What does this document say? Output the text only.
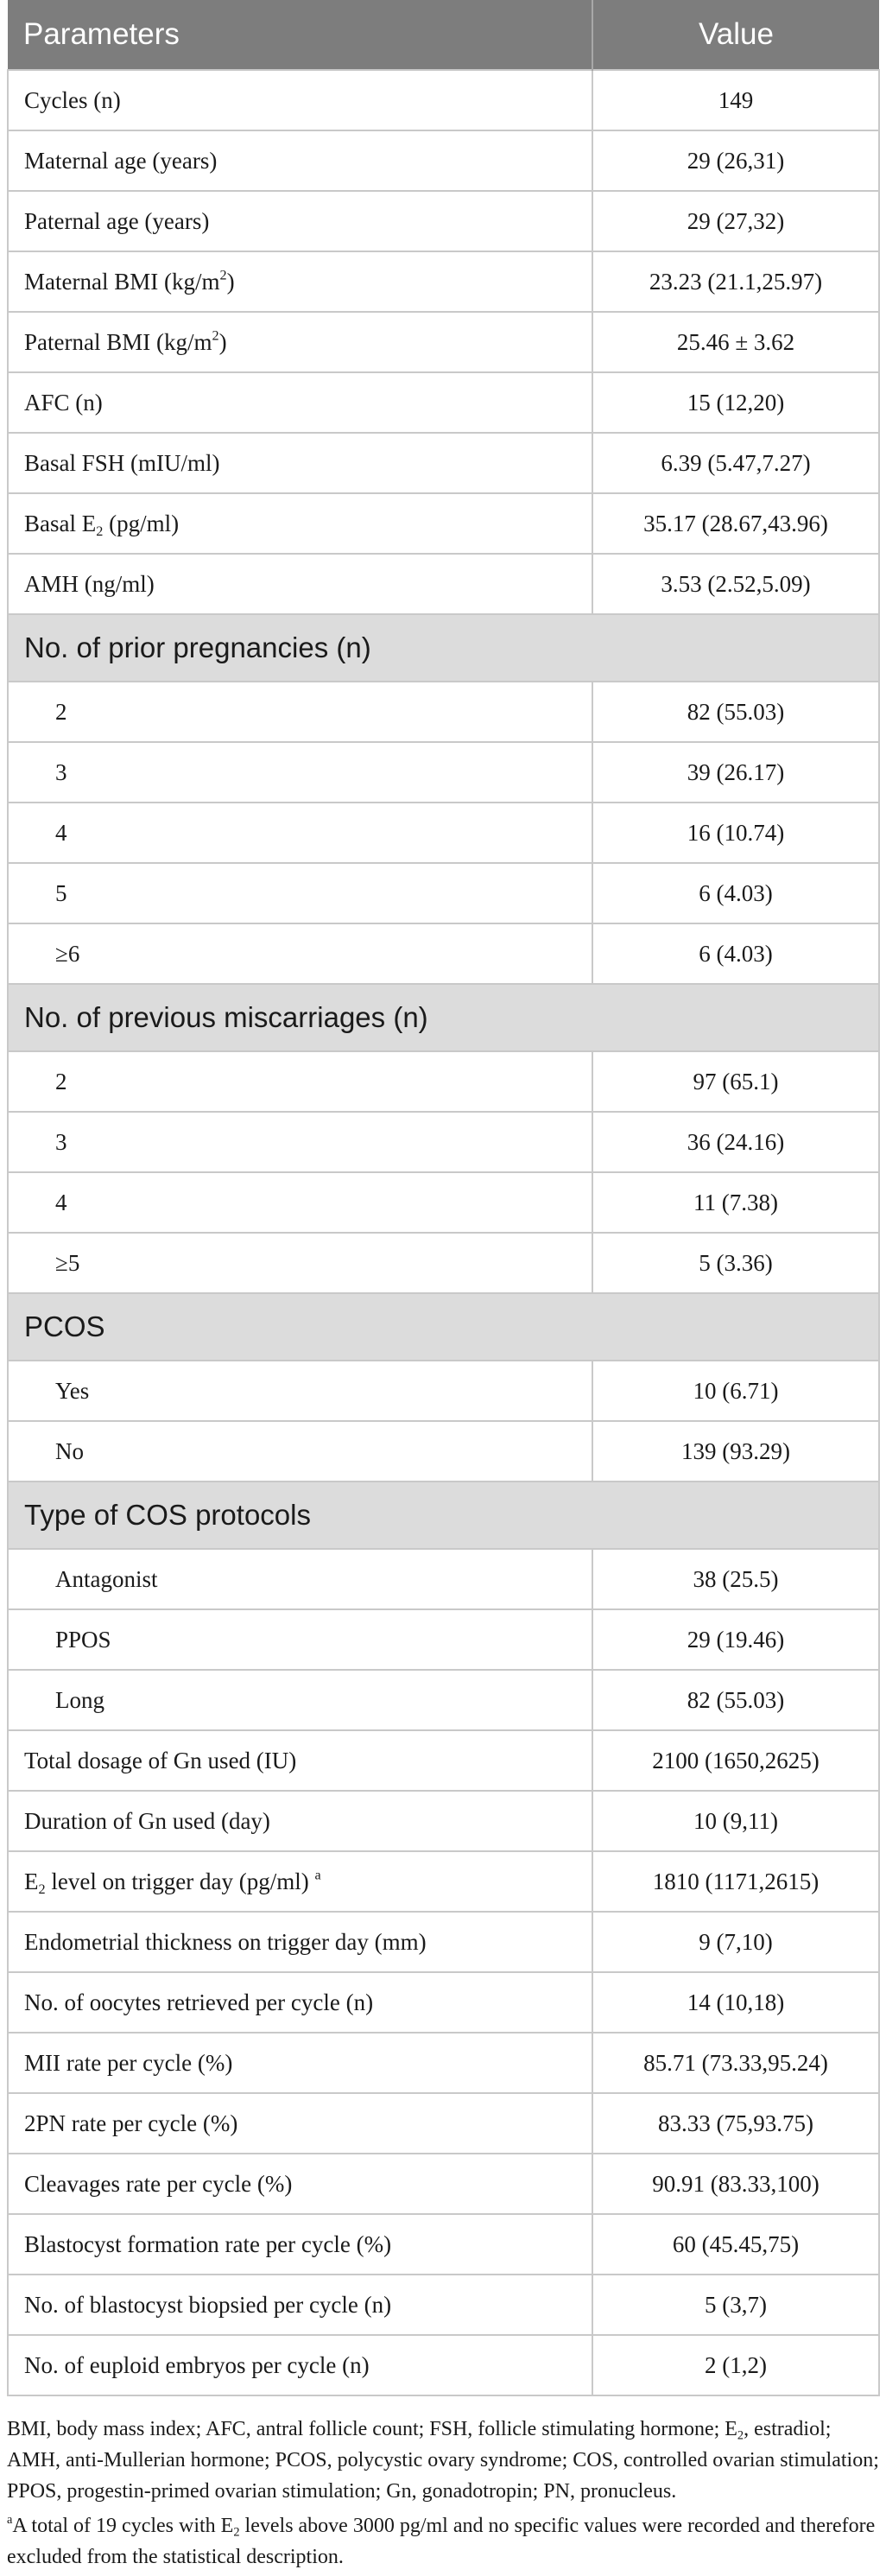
Parameters	Value
Cycles (n)	149
Maternal age (years)	29 (26,31)
Paternal age (years)	29 (27,32)
Maternal BMI $(kg/m^2)$	23.23 (21.1,25.97)
Paternal BMI $(kg/m^2)$	25.46 ± 3.62
AFC (n)	15 (12,20)
Basal FSH (mIU/ml)	6.39 (5.47,7.27)
Basal $E_2$ (pg/ml)	35.17 (28.67,43.96)
AMH (ng/ml)	3.53 (2.52,5.09)
No. of prior pregnancies (n)	
2	82 (55.03)
3	39 (26.17)
4	16 (10.74)
5	6 (4.03)
≥6	6 (4.03)
No. of previous miscarriages (n)	
2	97 (65.1)
3	36 (24.16)
4	11 (7.38)
≥5	5 (3.36)
PCOS	
Yes	10 (6.71)
No	139 (93.29)
Type of COS protocols	
Antagonist	38 (25.5)
PPOS	29 (19.46)
Long	82 (55.03)
Total dosage of Gn used (IU)	2100 (1650,2625)
Duration of Gn used (day)	10 (9,11)
$E_2$ level on trigger day (pg/ml) $^a$	1810 (1171,2615)
Endometrial thickness on trigger day (mm)	9 (7,10)
No. of oocytes retrieved per cycle (n)	14 (10,18)
MII rate per cycle (%)	85.71 (73.33,95.24)
2PN rate per cycle (%)	83.33 (75,93.75)
Cleavages rate per cycle (%)	90.91 (83.33,100)
Blastocyst formation rate per cycle (%)	60 (45.45,75)
No. of blastocyst biopsied per cycle (n)	5 (3,7)
No. of euploid embryos per cycle (n)	2 (1,2)

BMI, body mass index; AFC, antral follicle count; FSH, follicle stimulating hormone; $E_2$, estradiol; AMH, anti-Mullerian hormone; PCOS, polycystic ovary syndrome; COS, controlled ovarian stimulation; PPOS, progestin-primed ovarian stimulation; Gn, gonadotropin; PN, pronucleus.

$^a$A total of 19 cycles with $E_2$ levels above 3000 pg/ml and no specific values were recorded and therefore excluded from the statistical description.
